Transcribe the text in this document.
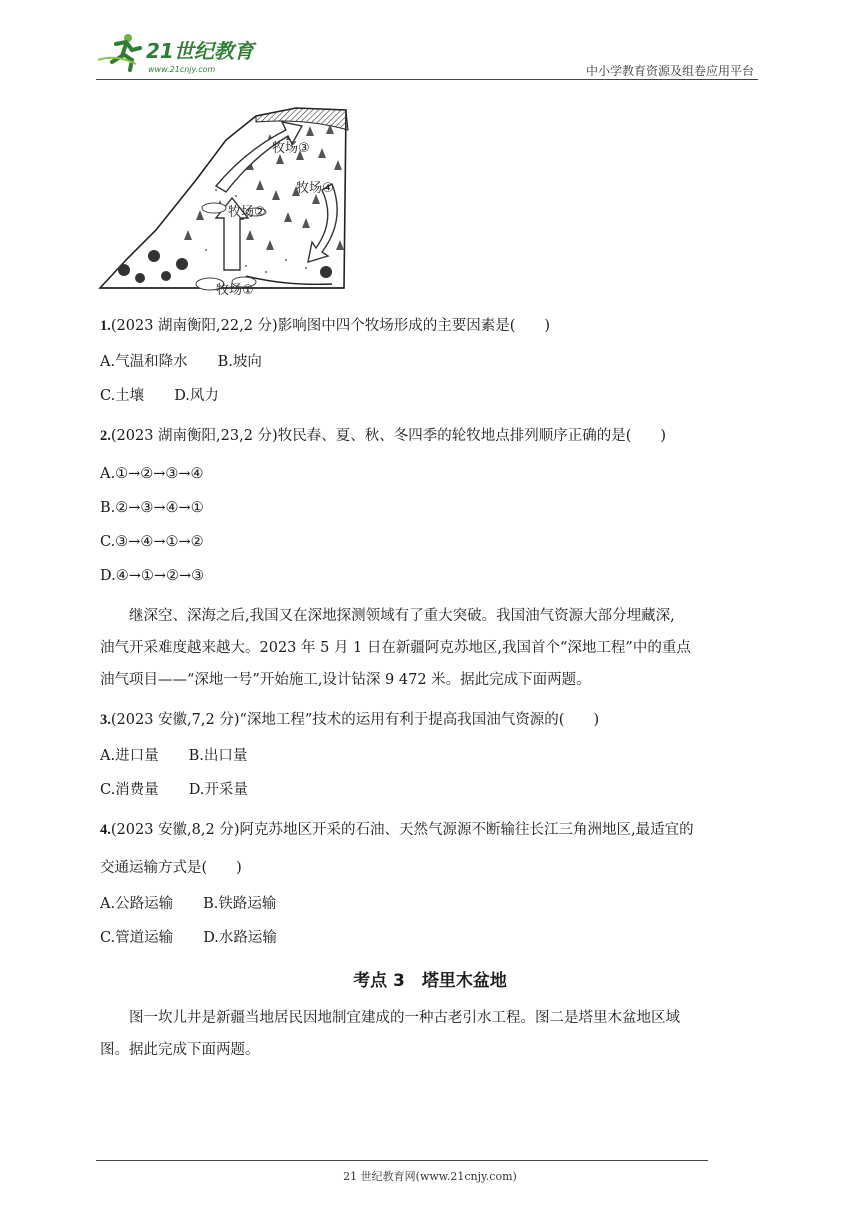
21世纪教育
www.21cnjy.com	中小学教育资源及组卷应用平台
牧场①
牧场②
牧场③
牧场④
1.(2023 湖南衡阳,22,2 分)影响图中四个牧场形成的主要因素是(　　)
A.气温和降水 B.坡向
C.土壤 D.风力
2.(2023 湖南衡阳,23,2 分)牧民春、夏、秋、冬四季的轮牧地点排列顺序正确的是(　　)
A.①→②→③→④
B.②→③→④→①
C.③→④→①→②
D.④→①→②→③
　　继深空、深海之后,我国又在深地探测领域有了重大突破。我国油气资源大部分埋藏深,
油气开采难度越来越大。2023 年 5 月 1 日在新疆阿克苏地区,我国首个“深地工程”中的重点
油气项目——“深地一号”开始施工,设计钻深 9 472 米。据此完成下面两题。
3.(2023 安徽,7,2 分)“深地工程”技术的运用有利于提高我国油气资源的(　　)
A.进口量 B.出口量
C.消费量 D.开采量
4.(2023 安徽,8,2 分)阿克苏地区开采的石油、天然气源源不断输往长江三角洲地区,最适宜的
交通运输方式是(　　)
A.公路运输 B.铁路运输
C.管道运输 D.水路运输
考点 3　塔里木盆地
　　图一坎儿井是新疆当地居民因地制宜建成的一种古老引水工程。图二是塔里木盆地区域
图。据此完成下面两题。
21 世纪教育网(www.21cnjy.com)
